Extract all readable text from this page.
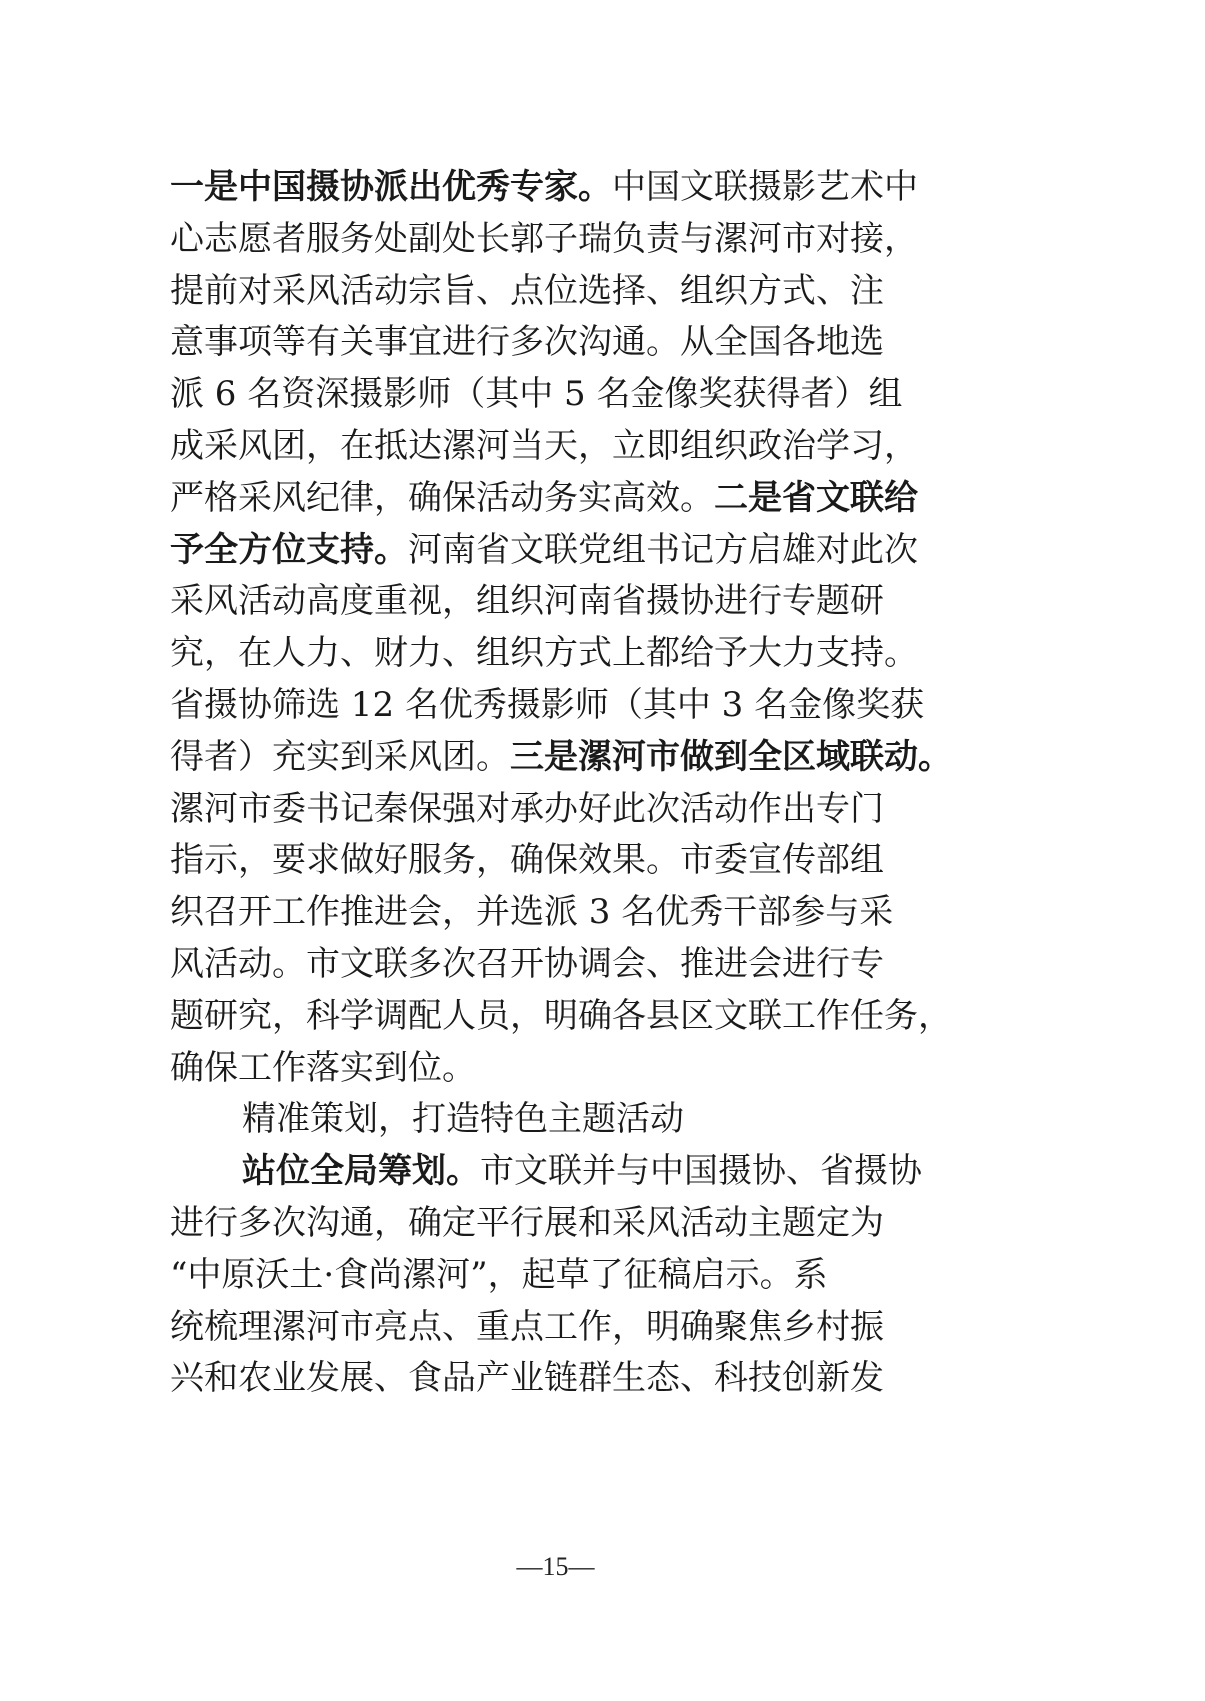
一是中国摄协派出优秀专家。中国文联摄影艺术中
心志愿者服务处副处长郭子瑞负责与漯河市对接，
提前对采风活动宗旨、点位选择、组织方式、注
意事项等有关事宜进行多次沟通。从全国各地选
派 6 名资深摄影师（其中 5 名金像奖获得者）组
成采风团，在抵达漯河当天，立即组织政治学习，
严格采风纪律，确保活动务实高效。二是省文联给
予全方位支持。河南省文联党组书记方启雄对此次
采风活动高度重视，组织河南省摄协进行专题研
究，在人力、财力、组织方式上都给予大力支持。
省摄协筛选 12 名优秀摄影师（其中 3 名金像奖获
得者）充实到采风团。三是漯河市做到全区域联动。
漯河市委书记秦保强对承办好此次活动作出专门
指示，要求做好服务，确保效果。市委宣传部组
织召开工作推进会，并选派 3 名优秀干部参与采
风活动。市文联多次召开协调会、推进会进行专
题研究，科学调配人员，明确各县区文联工作任务，
确保工作落实到位。
精准策划，打造特色主题活动
站位全局筹划。市文联并与中国摄协、省摄协
进行多次沟通，确定平行展和采风活动主题定为
“中原沃土·食尚漯河”，起草了征稿启示。系
统梳理漯河市亮点、重点工作，明确聚焦乡村振
兴和农业发展、食品产业链群生态、科技创新发
—15—
